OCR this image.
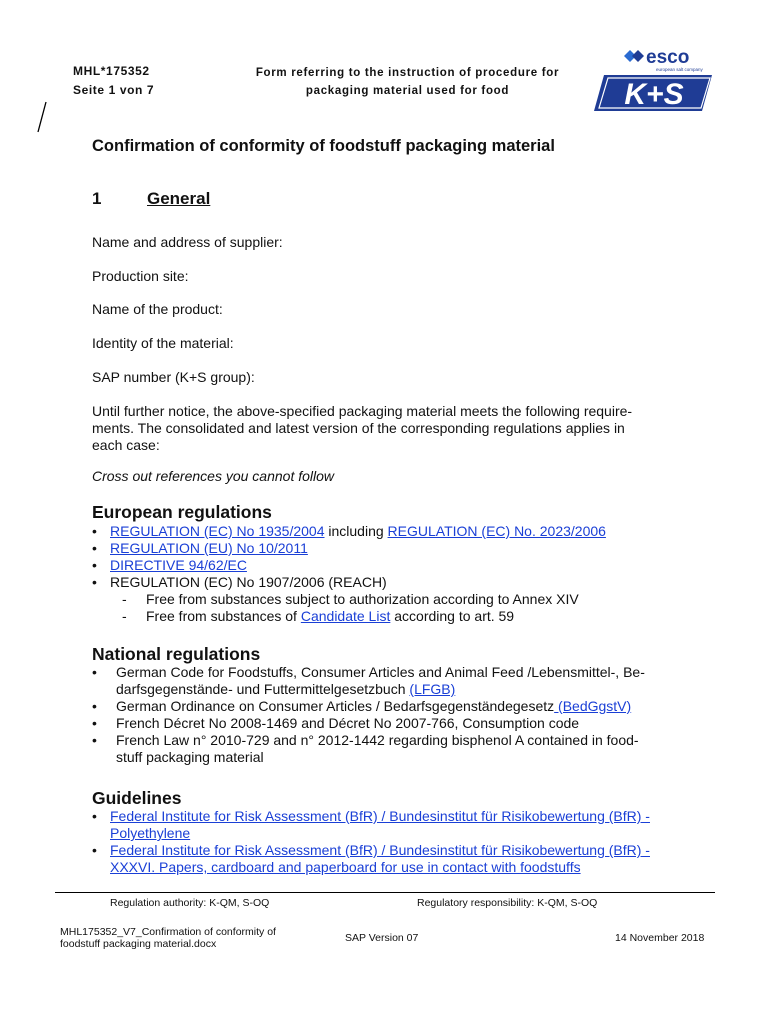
MHL*175352
Seite 1 von 7
Form referring to the instruction of procedure for
packaging material used for food
esco
european salt company
K+S
Confirmation of conformity of foodstuff packaging material
1	General
Name and address of supplier:
Production site:
Name of the product:
Identity of the material:
SAP number (K+S group):
Until further notice, the above-specified packaging material meets the following require-
ments. The consolidated and latest version of the corresponding regulations applies in
each case:
Cross out references you cannot follow
European regulations
• REGULATION (EC) No 1935/2004 including REGULATION (EC) No. 2023/2006
• REGULATION (EU) No 10/2011
• DIRECTIVE 94/62/EC
• REGULATION (EC) No 1907/2006 (REACH)
- Free from substances subject to authorization according to Annex XIV
- Free from substances of Candidate List according to art. 59
National regulations
• German Code for Foodstuffs, Consumer Articles and Animal Feed /Lebensmittel-, Be-
darfsgegenstände- und Futtermittelgesetzbuch (LFGB)
• German Ordinance on Consumer Articles / Bedarfsgegenständegesetz (BedGgstV)
• French Décret No 2008-1469 and Décret No 2007-766, Consumption code
• French Law n° 2010-729 and n° 2012-1442 regarding bisphenol A contained in food-
stuff packaging material
Guidelines
• Federal Institute for Risk Assessment (BfR) / Bundesinstitut für Risikobewertung (BfR) -
Polyethylene
• Federal Institute for Risk Assessment (BfR) / Bundesinstitut für Risikobewertung (BfR) -
XXXVI. Papers, cardboard and paperboard for use in contact with foodstuffs
Regulation authority: K-QM, S-OQ	Regulatory responsibility: K-QM, S-OQ
MHL175352_V7_Confirmation of conformity of
foodstuff packaging material.docx	SAP Version 07	14 November 2018
